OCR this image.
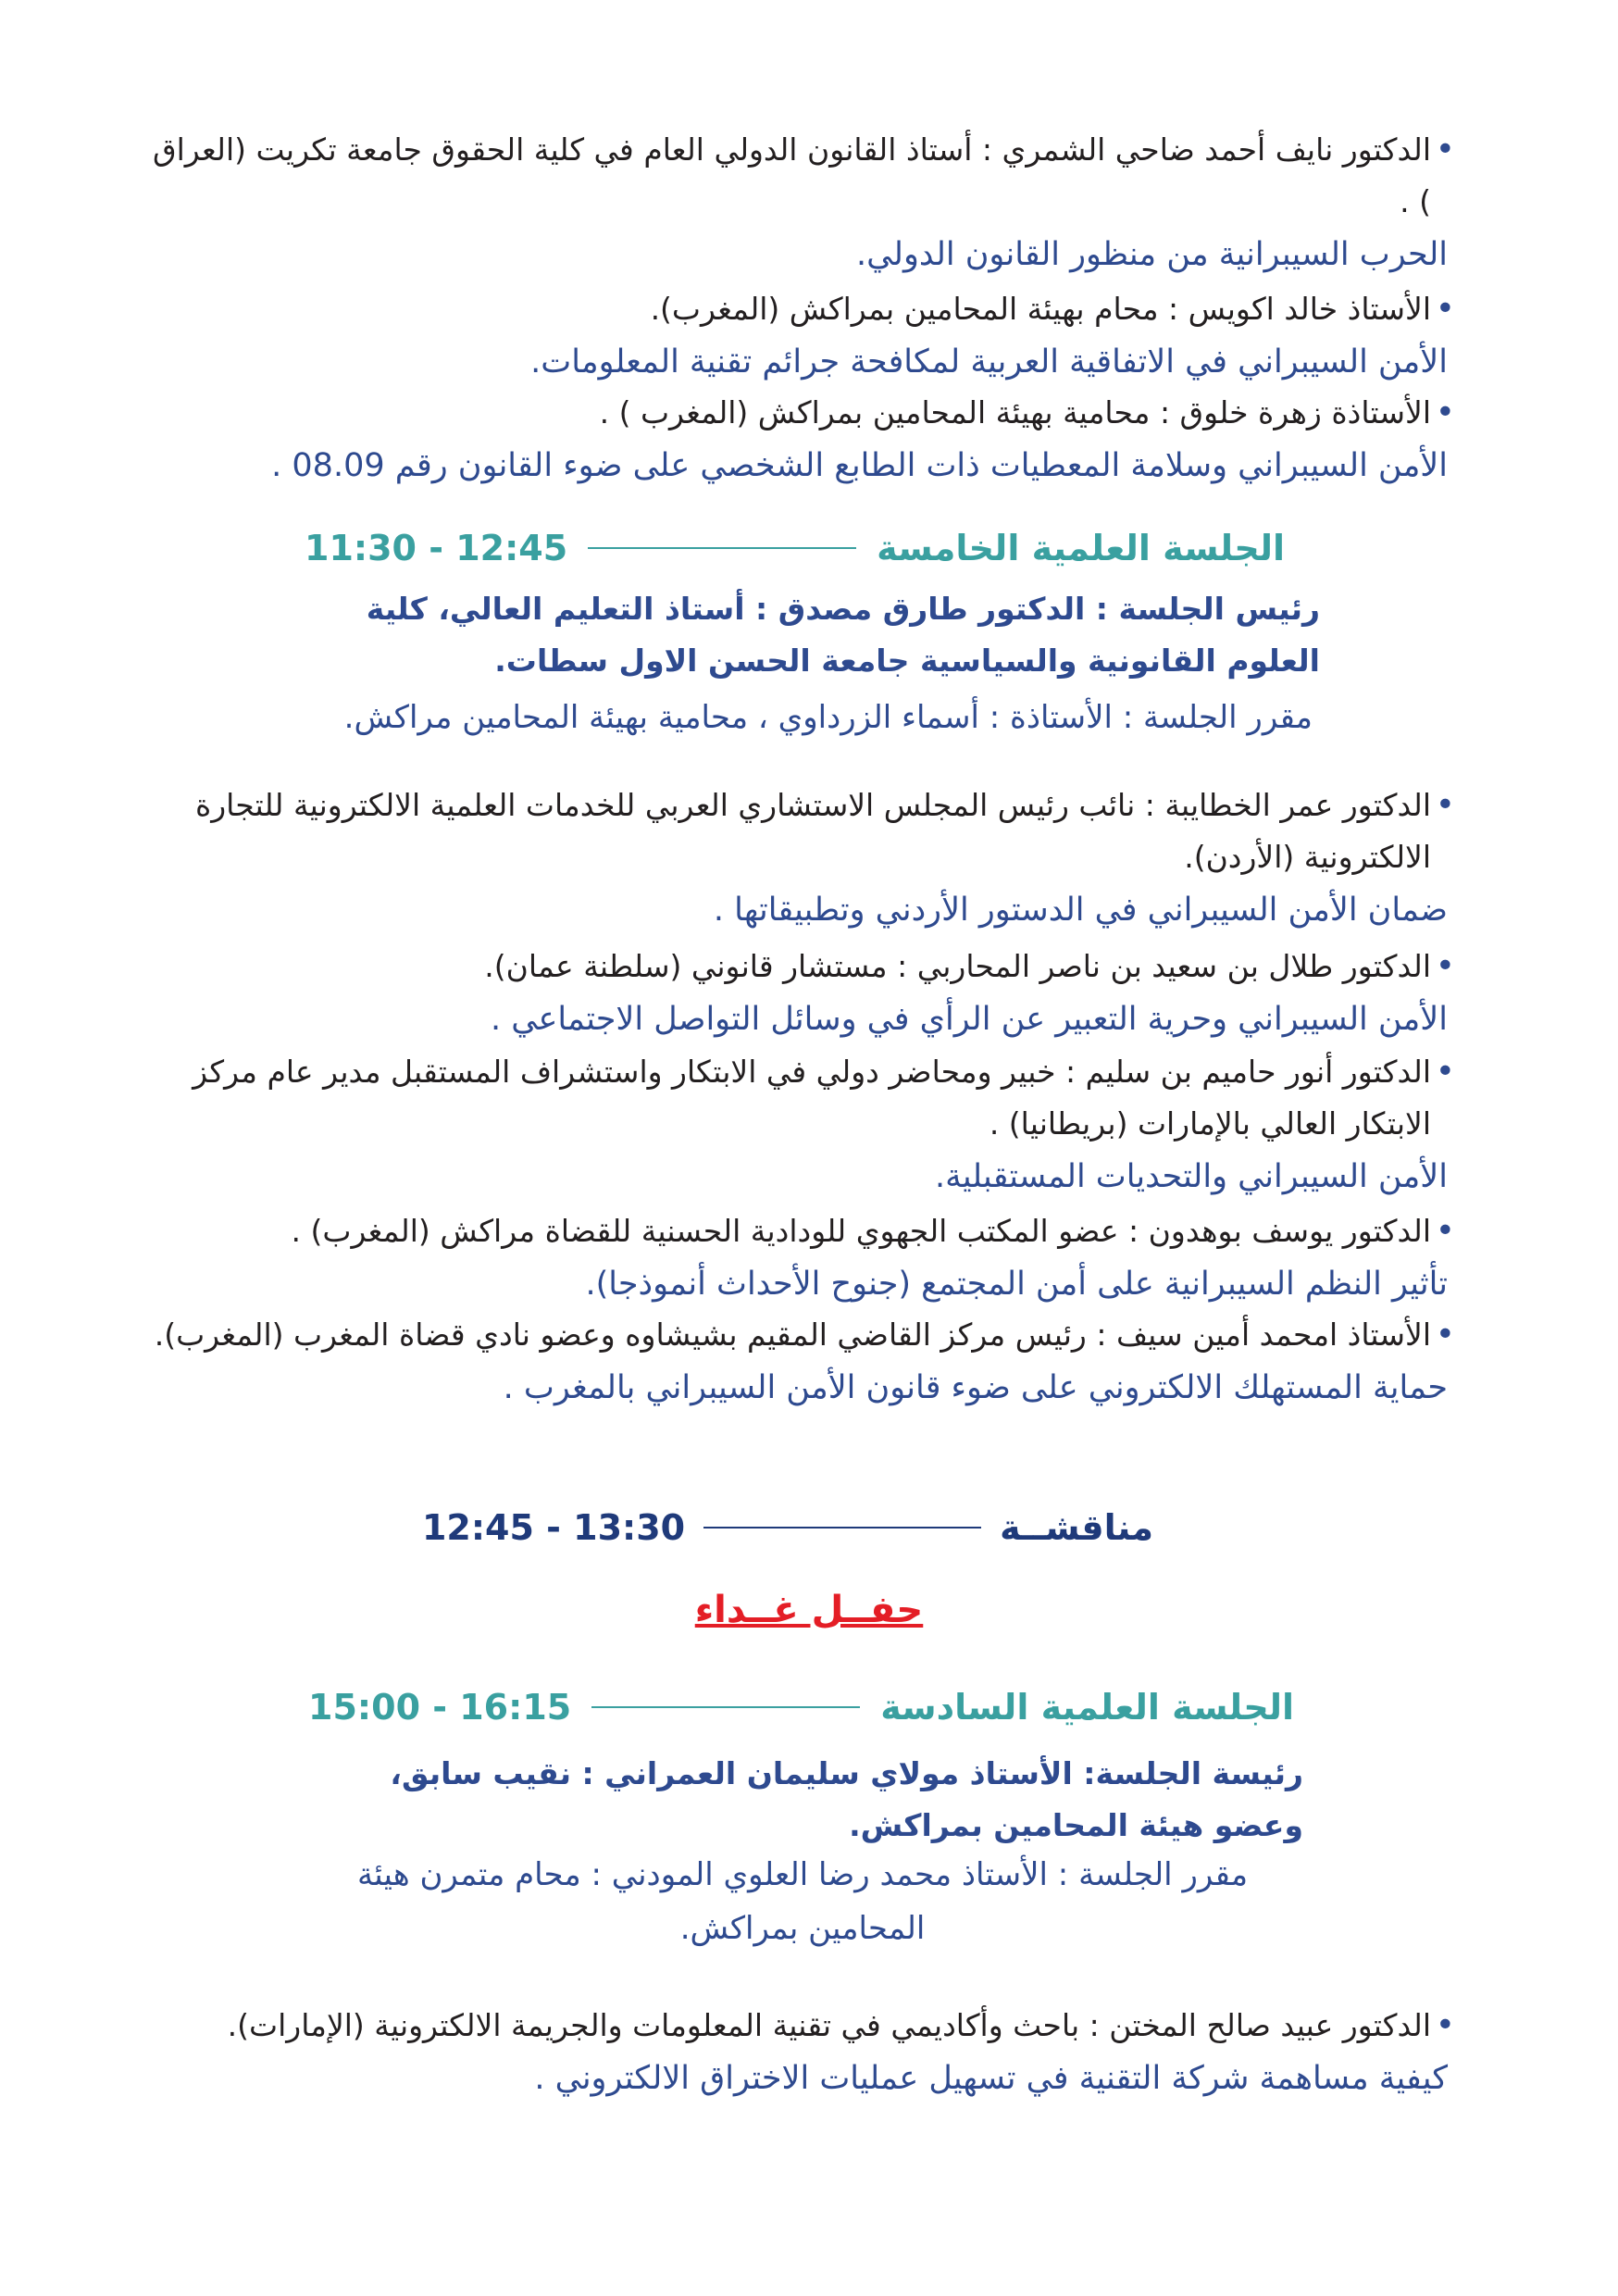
•
الدكتور نايف أحمد ضاحي الشمري : أستاذ القانون الدولي العام في كلية الحقوق جامعة تكريت (العراق ) .
الحرب السيبرانية من منظور القانون الدولي.
•
الأستاذ خالد اكويس : محام بهيئة المحامين بمراكش (المغرب).
الأمن السيبراني في الاتفاقية العربية لمكافحة جرائم تقنية المعلومات.
•
الأستاذة زهرة خلوق : محامية بهيئة المحامين بمراكش (المغرب ) .
الأمن السيبراني وسلامة المعطيات ذات الطابع الشخصي على ضوء القانون رقم 08.09 .
الجلسة العلمية الخامسة
11:30 - 12:45
رئيس الجلسة : الدكتور طارق مصدق : أستاذ التعليم العالي، كلية العلوم القانونية والسياسية جامعة الحسن الاول سطات.
مقرر الجلسة : الأستاذة : أسماء الزرداوي ، محامية بهيئة المحامين مراكش.
•
الدكتور عمر الخطايبة : نائب رئيس المجلس الاستشاري العربي للخدمات العلمية الالكترونية للتجارة الالكترونية (الأردن).
ضمان الأمن السيبراني في الدستور الأردني وتطبيقاتها .
•
الدكتور طلال بن سعيد بن ناصر المحاربي : مستشار قانوني (سلطنة عمان).
الأمن السيبراني وحرية التعبير عن الرأي في وسائل التواصل الاجتماعي .
•
الدكتور أنور حاميم بن سليم : خبير ومحاضر دولي في الابتكار واستشراف المستقبل مدير عام مركز الابتكار العالي بالإمارات (بريطانيا) .
الأمن السيبراني والتحديات المستقبلية.
•
الدكتور يوسف بوهدون : عضو المكتب الجهوي للودادية الحسنية للقضاة مراكش (المغرب) .
تأثير النظم السيبرانية على أمن المجتمع (جنوح الأحداث أنموذجا).
•
الأستاذ امحمد أمين سيف : رئيس مركز القاضي المقيم بشيشاوه وعضو نادي قضاة المغرب (المغرب).
حماية المستهلك الالكتروني على ضوء قانون الأمن السيبراني بالمغرب .
مناقشــة
12:45 - 13:30
حفــل غــداء
الجلسة العلمية السادسة
15:00 - 16:15
رئيسة الجلسة: الأستاذ مولاي سليمان العمراني : نقيب سابق، وعضو هيئة المحامين بمراكش.
مقرر الجلسة : الأستاذ محمد رضا العلوي المودني : محام متمرن هيئة المحامين بمراكش.
•
الدكتور عبيد صالح المختن : باحث وأكاديمي في تقنية المعلومات والجريمة الالكترونية (الإمارات).
كيفية مساهمة شركة التقنية في تسهيل عمليات الاختراق الالكتروني .
